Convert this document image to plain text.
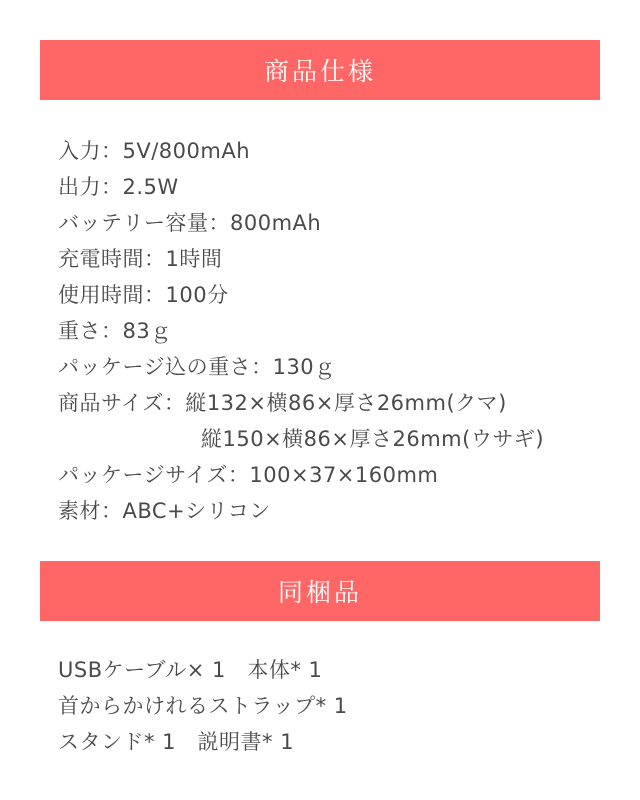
商品仕様
入力：5V/800mAh
出力：2.5W
バッテリー容量：800mAh
充電時間：1時間
使用時間：100分
重さ：83ｇ
パッケージ込の重さ：130ｇ
商品サイズ：縦132×横86×厚さ26mm(クマ)
縦150×横86×厚さ26mm(ウサギ)
パッケージサイズ：100×37×160mm
素材：ABC+シリコン
同梱品
USBケーブル× 1　本体* 1
首からかけれるストラップ* 1
スタンド* 1　説明書* 1
